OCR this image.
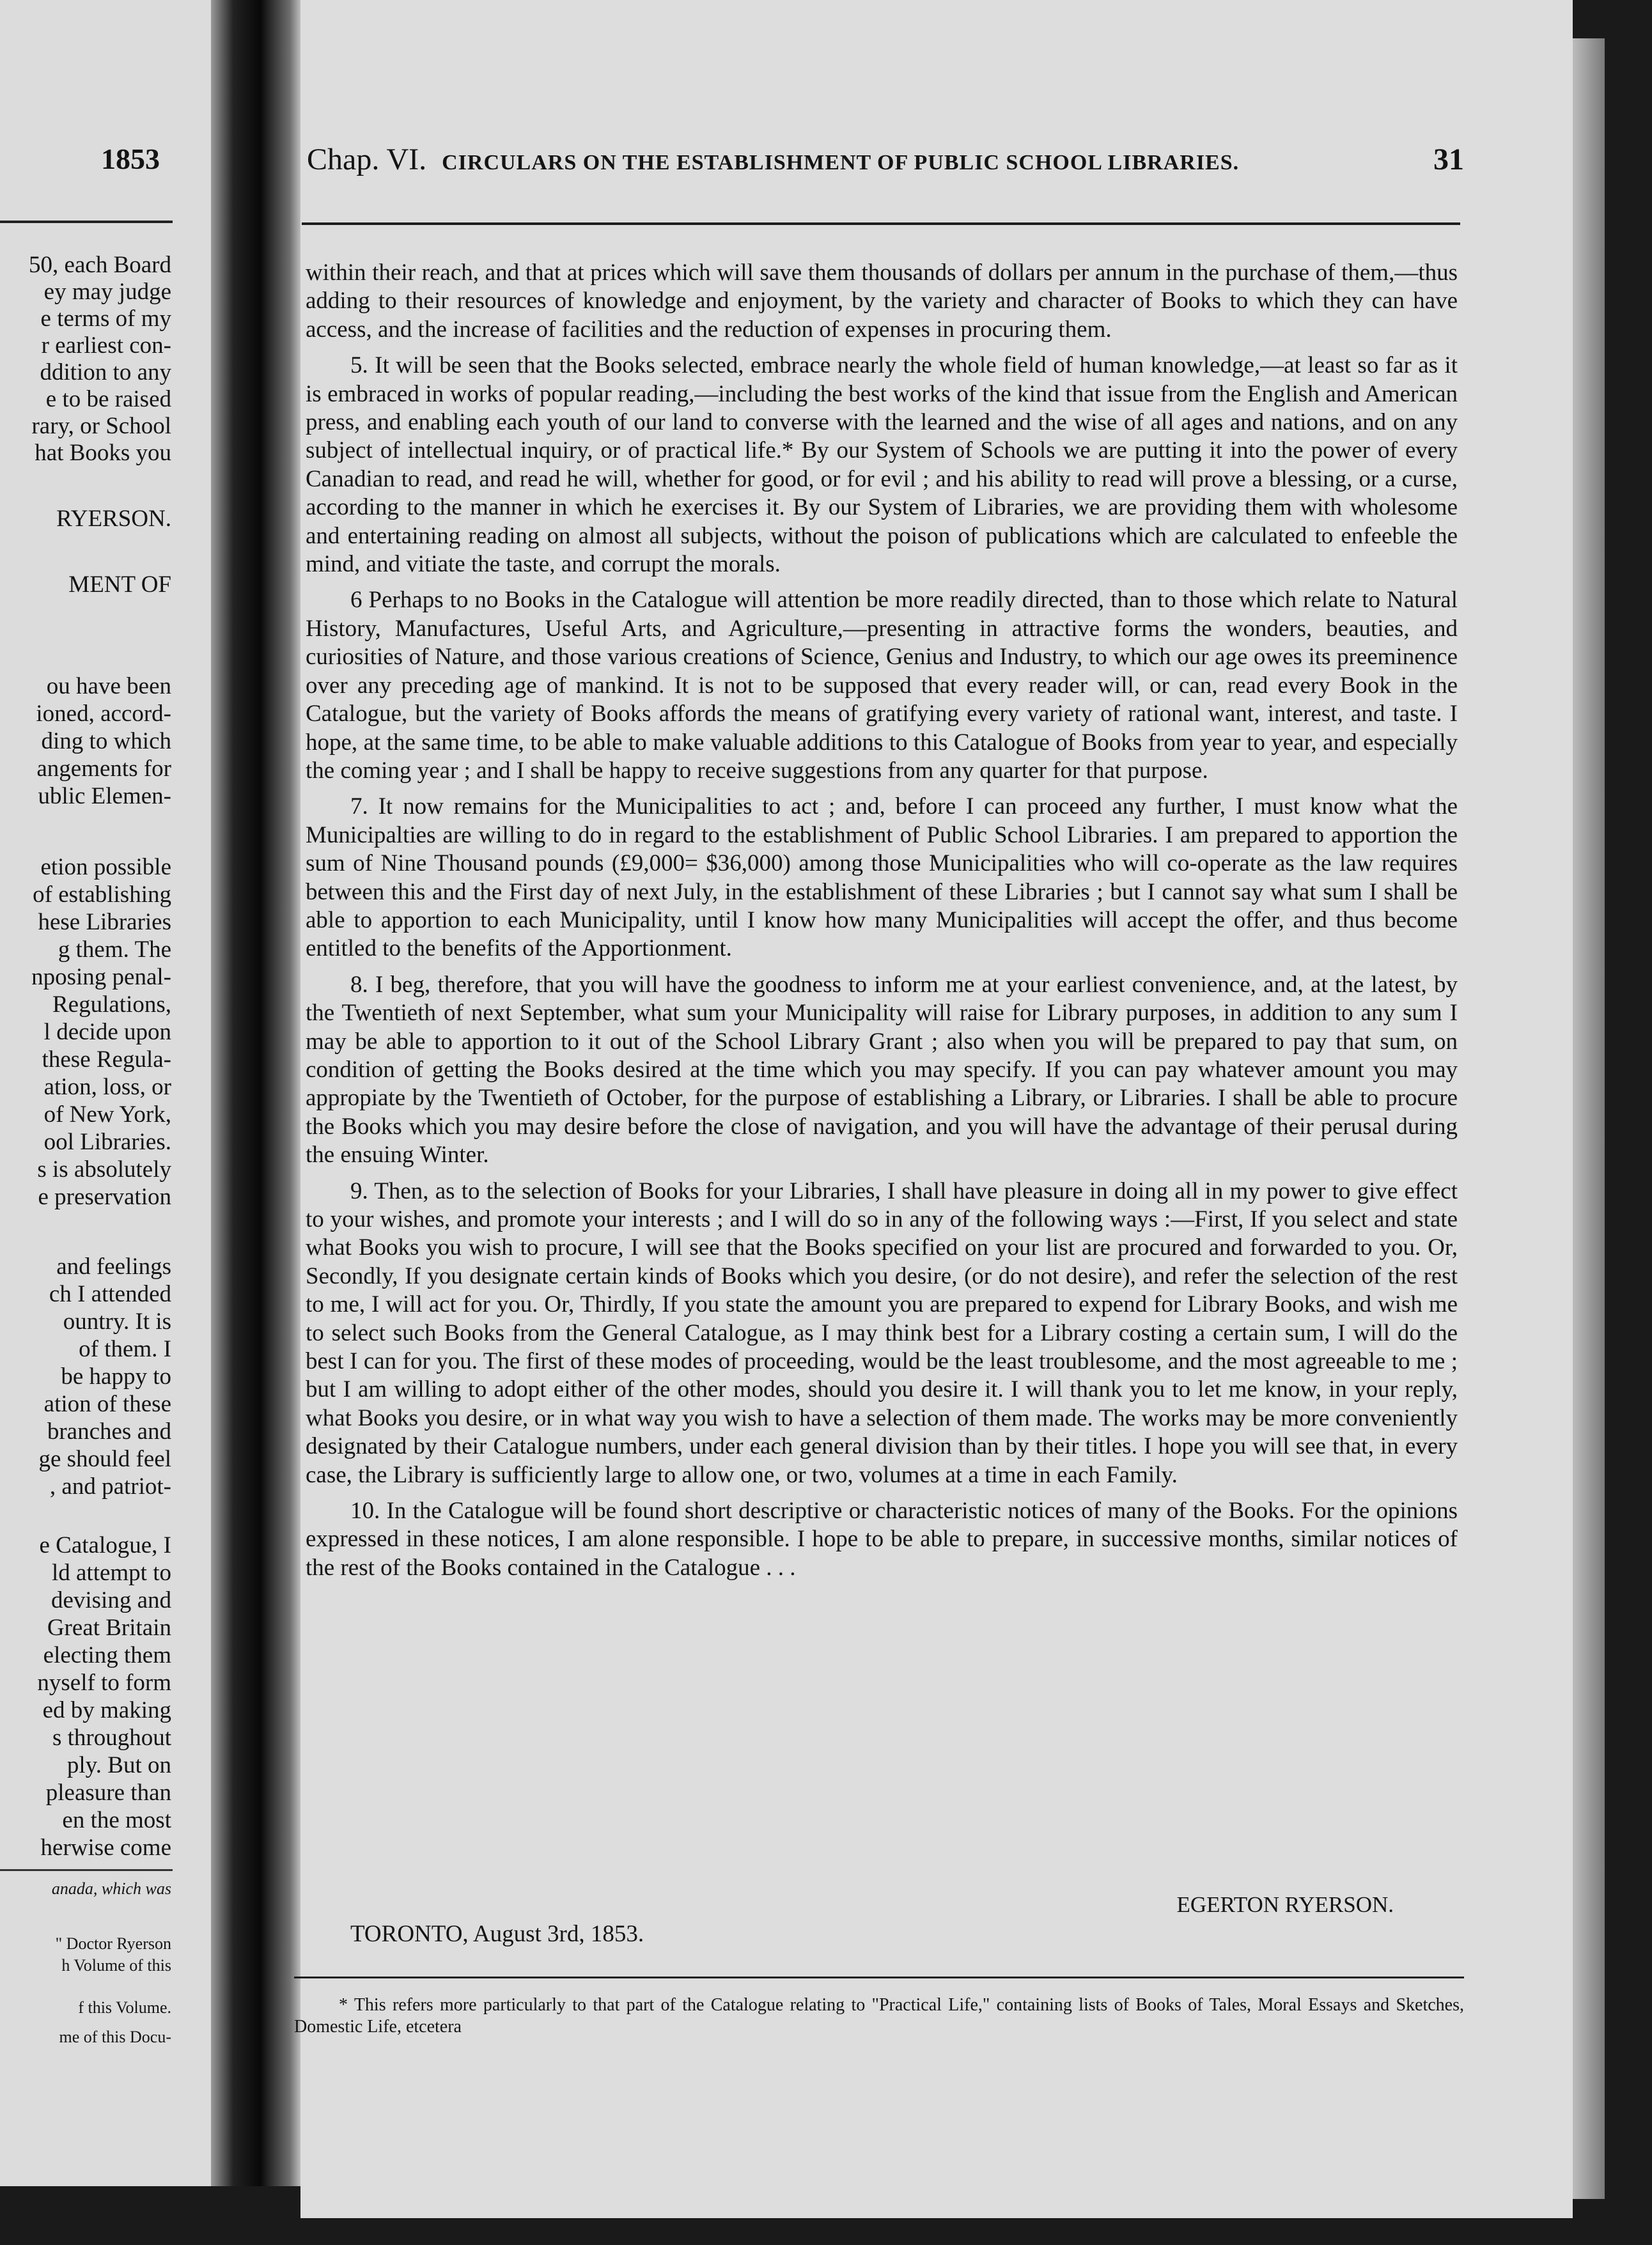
1853
50, each Board
ey may judge
e terms of my
r earliest con-
ddition to any
e to be raised
rary, or School
hat Books you
RYERSON.
MENT OF
ou have been
ioned, accord-
ding to which
angements for
ublic Elemen-
etion possible
of establishing
hese Libraries
g them. The
nposing penal-
Regulations,
l decide upon
these Regula-
ation, loss, or
of New York,
ool Libraries.
s is absolutely
e preservation
and feelings
ch I attended
ountry. It is
of them. I
be happy to
ation of these
branches and
ge should feel
, and patriot-
e Catalogue, I
ld attempt to
devising and
Great Britain
electing them
nyself to form
ed by making
s throughout
ply. But on
pleasure than
en the most
herwise come
anada, which was
" Doctor Ryerson
h Volume of this
f this Volume.
me of this Docu-
Chap. VI. CIRCULARS ON THE ESTABLISHMENT OF PUBLIC SCHOOL LIBRARIES.	31

within their reach, and that at prices which will save them thousands of dollars per annum in the purchase of them,—thus adding to their resources of knowledge and enjoyment, by the variety and character of Books to which they can have access, and the increase of facilities and the reduction of expenses in procuring them.

5. It will be seen that the Books selected, embrace nearly the whole field of human knowledge,—at least so far as it is embraced in works of popular reading,—including the best works of the kind that issue from the English and American press, and enabling each youth of our land to converse with the learned and the wise of all ages and nations, and on any subject of intellectual inquiry, or of practical life.* By our System of Schools we are putting it into the power of every Canadian to read, and read he will, whether for good, or for evil ; and his ability to read will prove a blessing, or a curse, according to the manner in which he exercises it. By our System of Libraries, we are providing them with wholesome and entertaining reading on almost all subjects, without the poison of publications which are calculated to enfeeble the mind, and vitiate the taste, and corrupt the morals.

6 Perhaps to no Books in the Catalogue will attention be more readily directed, than to those which relate to Natural History, Manufactures, Useful Arts, and Agriculture,—presenting in attractive forms the wonders, beauties, and curiosities of Nature, and those various creations of Science, Genius and Industry, to which our age owes its preeminence over any preceding age of mankind. It is not to be supposed that every reader will, or can, read every Book in the Catalogue, but the variety of Books affords the means of gratifying every variety of rational want, interest, and taste. I hope, at the same time, to be able to make valuable additions to this Catalogue of Books from year to year, and especially the coming year ; and I shall be happy to receive suggestions from any quarter for that purpose.

7. It now remains for the Municipalities to act ; and, before I can proceed any further, I must know what the Municipalties are willing to do in regard to the establishment of Public School Libraries. I am prepared to apportion the sum of Nine Thousand pounds (£9,000= $36,000) among those Municipalities who will co-operate as the law requires between this and the First day of next July, in the establishment of these Libraries ; but I cannot say what sum I shall be able to apportion to each Municipality, until I know how many Municipalities will accept the offer, and thus become entitled to the benefits of the Apportionment.

8. I beg, therefore, that you will have the goodness to inform me at your earliest convenience, and, at the latest, by the Twentieth of next September, what sum your Municipality will raise for Library purposes, in addition to any sum I may be able to apportion to it out of the School Library Grant ; also when you will be prepared to pay that sum, on condition of getting the Books desired at the time which you may specify. If you can pay whatever amount you may appropiate by the Twentieth of October, for the purpose of establishing a Library, or Libraries. I shall be able to procure the Books which you may desire before the close of navigation, and you will have the advantage of their perusal during the ensuing Winter.

9. Then, as to the selection of Books for your Libraries, I shall have pleasure in doing all in my power to give effect to your wishes, and promote your interests ; and I will do so in any of the following ways :—First, If you select and state what Books you wish to procure, I will see that the Books specified on your list are procured and forwarded to you. Or, Secondly, If you designate certain kinds of Books which you desire, (or do not desire), and refer the selection of the rest to me, I will act for you. Or, Thirdly, If you state the amount you are prepared to expend for Library Books, and wish me to select such Books from the General Catalogue, as I may think best for a Library costing a certain sum, I will do the best I can for you. The first of these modes of proceeding, would be the least troublesome, and the most agreeable to me ; but I am willing to adopt either of the other modes, should you desire it. I will thank you to let me know, in your reply, what Books you desire, or in what way you wish to have a selection of them made. The works may be more conveniently designated by their Catalogue numbers, under each general division than by their titles. I hope you will see that, in every case, the Library is sufficiently large to allow one, or two, volumes at a time in each Family.

10. In the Catalogue will be found short descriptive or characteristic notices of many of the Books. For the opinions expressed in these notices, I am alone responsible. I hope to be able to prepare, in successive months, similar notices of the rest of the Books contained in the Catalogue . . .

EGERTON RYERSON.
TORONTO, August 3rd, 1853.
* This refers more particularly to that part of the Catalogue relating to "Practical Life," containing lists of Books of Tales, Moral Essays and Sketches, Domestic Life, etcetera
